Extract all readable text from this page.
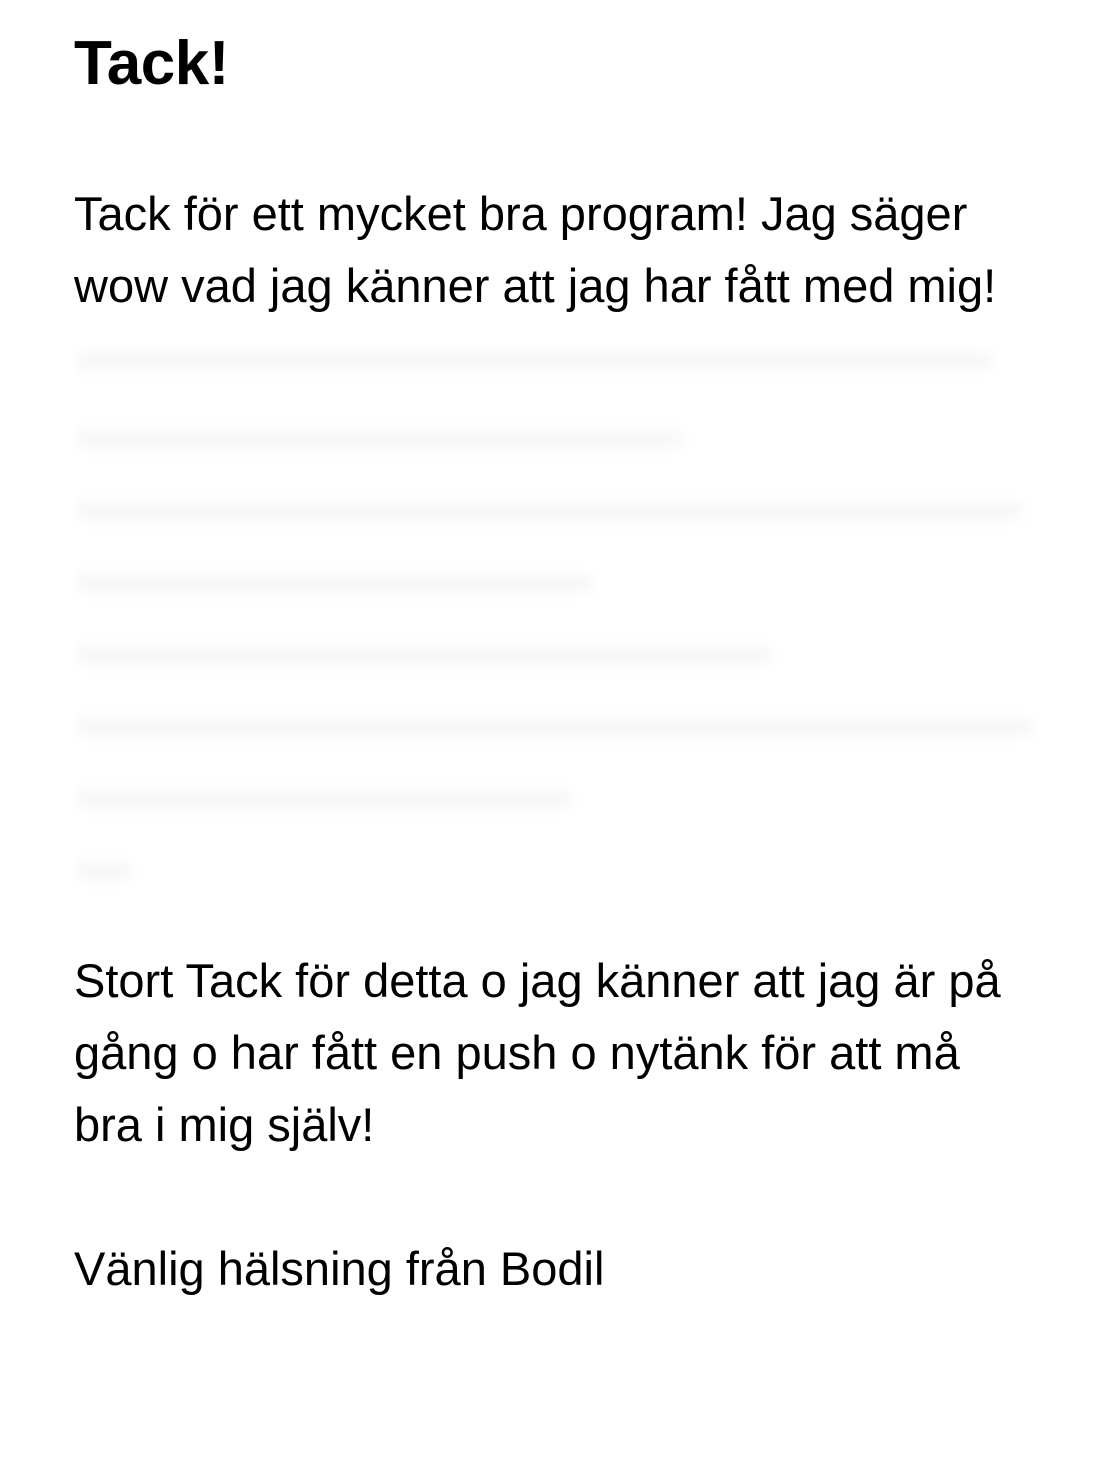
Tack!

Tack för ett mycket bra program! Jag säger wow vad jag känner att jag har fått med mig!

Stort Tack för detta o jag känner att jag är på gång o har fått en push o nytänk för att må bra i mig själv!

Vänlig hälsning från Bodil
